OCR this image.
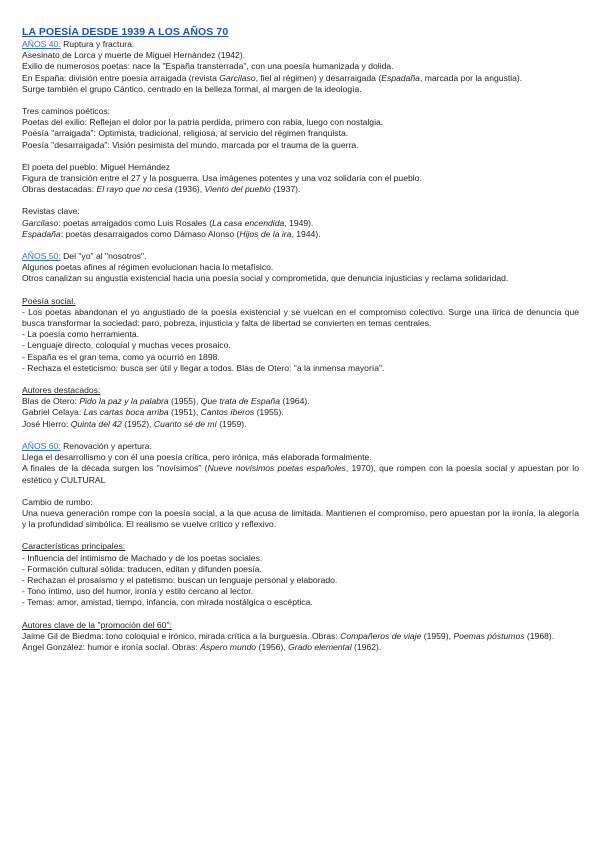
LA POESÍA DESDE 1939 A LOS AÑOS 70

AÑOS 40: Ruptura y fractura.

Asesinato de Lorca y muerte de Miguel Hernández (1942).

Exilio de numerosos poetas: nace la "España transterrada", con una poesía humanizada y dolida.

En España: división entre poesía arraigada (revista Garcilaso, fiel al régimen) y desarraigada (Espadaña, marcada por la angustia).

Surge también el grupo Cántico, centrado en la belleza formal, al margen de la ideología.

Tres caminos poéticos:

Poetas del exilio: Reflejan el dolor por la patria perdida, primero con rabia, luego con nostalgia.

Poesía "arraigada": Optimista, tradicional, religiosa, al servicio del régimen franquista.

Poesía "desarraigada": Visión pesimista del mundo, marcada por el trauma de la guerra.

El poeta del pueblo: Miguel Hernández

Figura de transición entre el 27 y la posguerra. Usa imágenes potentes y una voz solidaria con el pueblo.

Obras destacadas: El rayo que no cesa (1936), Viento del pueblo (1937).

Revistas clave:

Garcilaso: poetas arraigados como Luis Rosales (La casa encendida, 1949).

Espadaña: poetas desarraigados como Dámaso Alonso (Hijos de la ira, 1944).

AÑOS 50: Del "yo" al "nosotros".

Algunos poetas afines al régimen evolucionan hacia lo metafísico.

Otros canalizan su angustia existencial hacia una poesía social y comprometida, que denuncia injusticias y reclama solidaridad.

Poesía social.

- Los poetas abandonan el yo angustiado de la poesía existencial y se vuelcan en el compromiso colectivo. Surge una lírica de denuncia que busca transformar la sociedad: paro, pobreza, injusticia y falta de libertad se convierten en temas centrales.

- La poesía como herramienta.

- Lenguaje directo, coloquial y muchas veces prosaico.

- España es el gran tema, como ya ocurrió en 1898.

- Rechaza el esteticismo: busca ser útil y llegar a todos. Blas de Otero: "a la inmensa mayoría".

Autores destacados:

Blas de Otero: Pido la paz y la palabra (1955), Que trata de España (1964).

Gabriel Celaya: Las cartas boca arriba (1951), Cantos íberos (1955).

José Hierro: Quinta del 42 (1952), Cuanto sé de mí (1959).

AÑOS 60: Renovación y apertura.

Llega el desarrollismo y con él una poesía crítica, pero irónica, más elaborada formalmente.

A finales de la década surgen los "novísimos" (Nueve novísimos poetas españoles, 1970), que rompen con la poesía social y apuestan por lo estético y CULTURAL

Cambio de rumbo:

Una nueva generación rompe con la poesía social, a la que acusa de limitada. Mantienen el compromiso, pero apuestan por la ironía, la alegoría y la profundidad simbólica. El realismo se vuelve crítico y reflexivo.

Características principales:

- Influencia del intimismo de Machado y de los poetas sociales.

- Formación cultural sólida: traducen, editan y difunden poesía.

- Rechazan el prosaísmo y el patetismo: buscan un lenguaje personal y elaborado.

- Tono íntimo, uso del humor, ironía y estilo cercano al lector.

- Temas: amor, amistad, tiempo, infancia, con mirada nostálgica o escéptica.

Autores clave de la "promoción del 60":

Jaime Gil de Biedma: tono coloquial e irónico, mirada crítica a la burguesía. Obras: Compañeros de viaje (1959), Poemas póstumos (1968).

Ángel González: humor e ironía social. Obras: Áspero mundo (1956), Grado elemental (1962).
